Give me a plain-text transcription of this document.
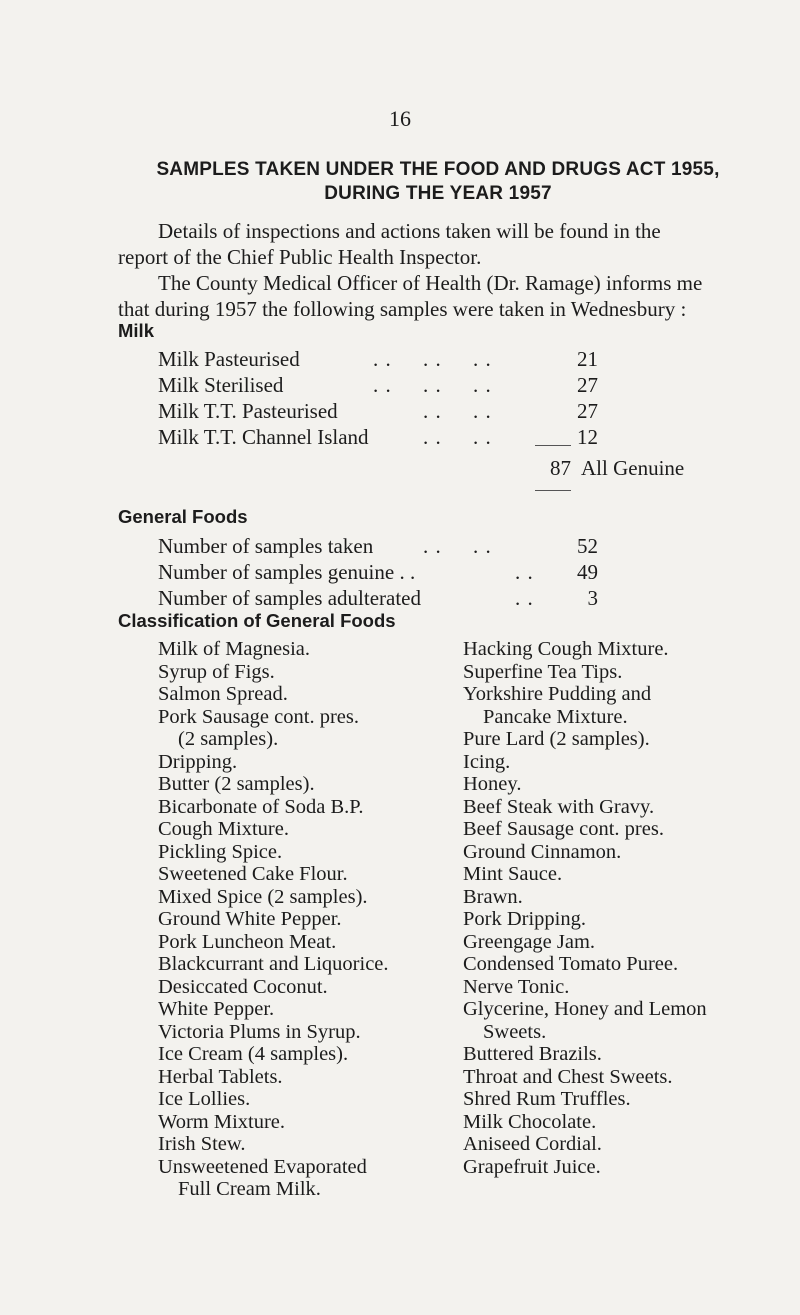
16
SAMPLES TAKEN UNDER THE FOOD AND DRUGS ACT 1955,
DURING THE YEAR 1957
Details of inspections and actions taken will be found in the
report of the Chief Public Health Inspector.
The County Medical Officer of Health (Dr. Ramage) informs me
that during 1957 the following samples were taken in Wednesbury :
Milk
Milk Pasteurised	. .     . .     . .	21
Milk Sterilised	. .     . .     . .	27
Milk T.T. Pasteurised	. .     . .	27
Milk T.T. Channel Island	. .     . .	12
87 All Genuine
General Foods
Number of samples taken . .     . .	52
Number of samples genuine . .	. .	49
Number of samples adulterated	. .	3
Classification of General Foods
Milk of Magnesia.
Syrup of Figs.
Salmon Spread.
Pork Sausage cont. pres.
(2 samples).
Dripping.
Butter (2 samples).
Bicarbonate of Soda B.P.
Cough Mixture.
Pickling Spice.
Sweetened Cake Flour.
Mixed Spice (2 samples).
Ground White Pepper.
Pork Luncheon Meat.
Blackcurrant and Liquorice.
Desiccated Coconut.
White Pepper.
Victoria Plums in Syrup.
Ice Cream (4 samples).
Herbal Tablets.
Ice Lollies.
Worm Mixture.
Irish Stew.
Unsweetened Evaporated
Full Cream Milk.
Hacking Cough Mixture.
Superfine Tea Tips.
Yorkshire Pudding and
Pancake Mixture.
Pure Lard (2 samples).
Icing.
Honey.
Beef Steak with Gravy.
Beef Sausage cont. pres.
Ground Cinnamon.
Mint Sauce.
Brawn.
Pork Dripping.
Greengage Jam.
Condensed Tomato Puree.
Nerve Tonic.
Glycerine, Honey and Lemon
Sweets.
Buttered Brazils.
Throat and Chest Sweets.
Shred Rum Truffles.
Milk Chocolate.
Aniseed Cordial.
Grapefruit Juice.
